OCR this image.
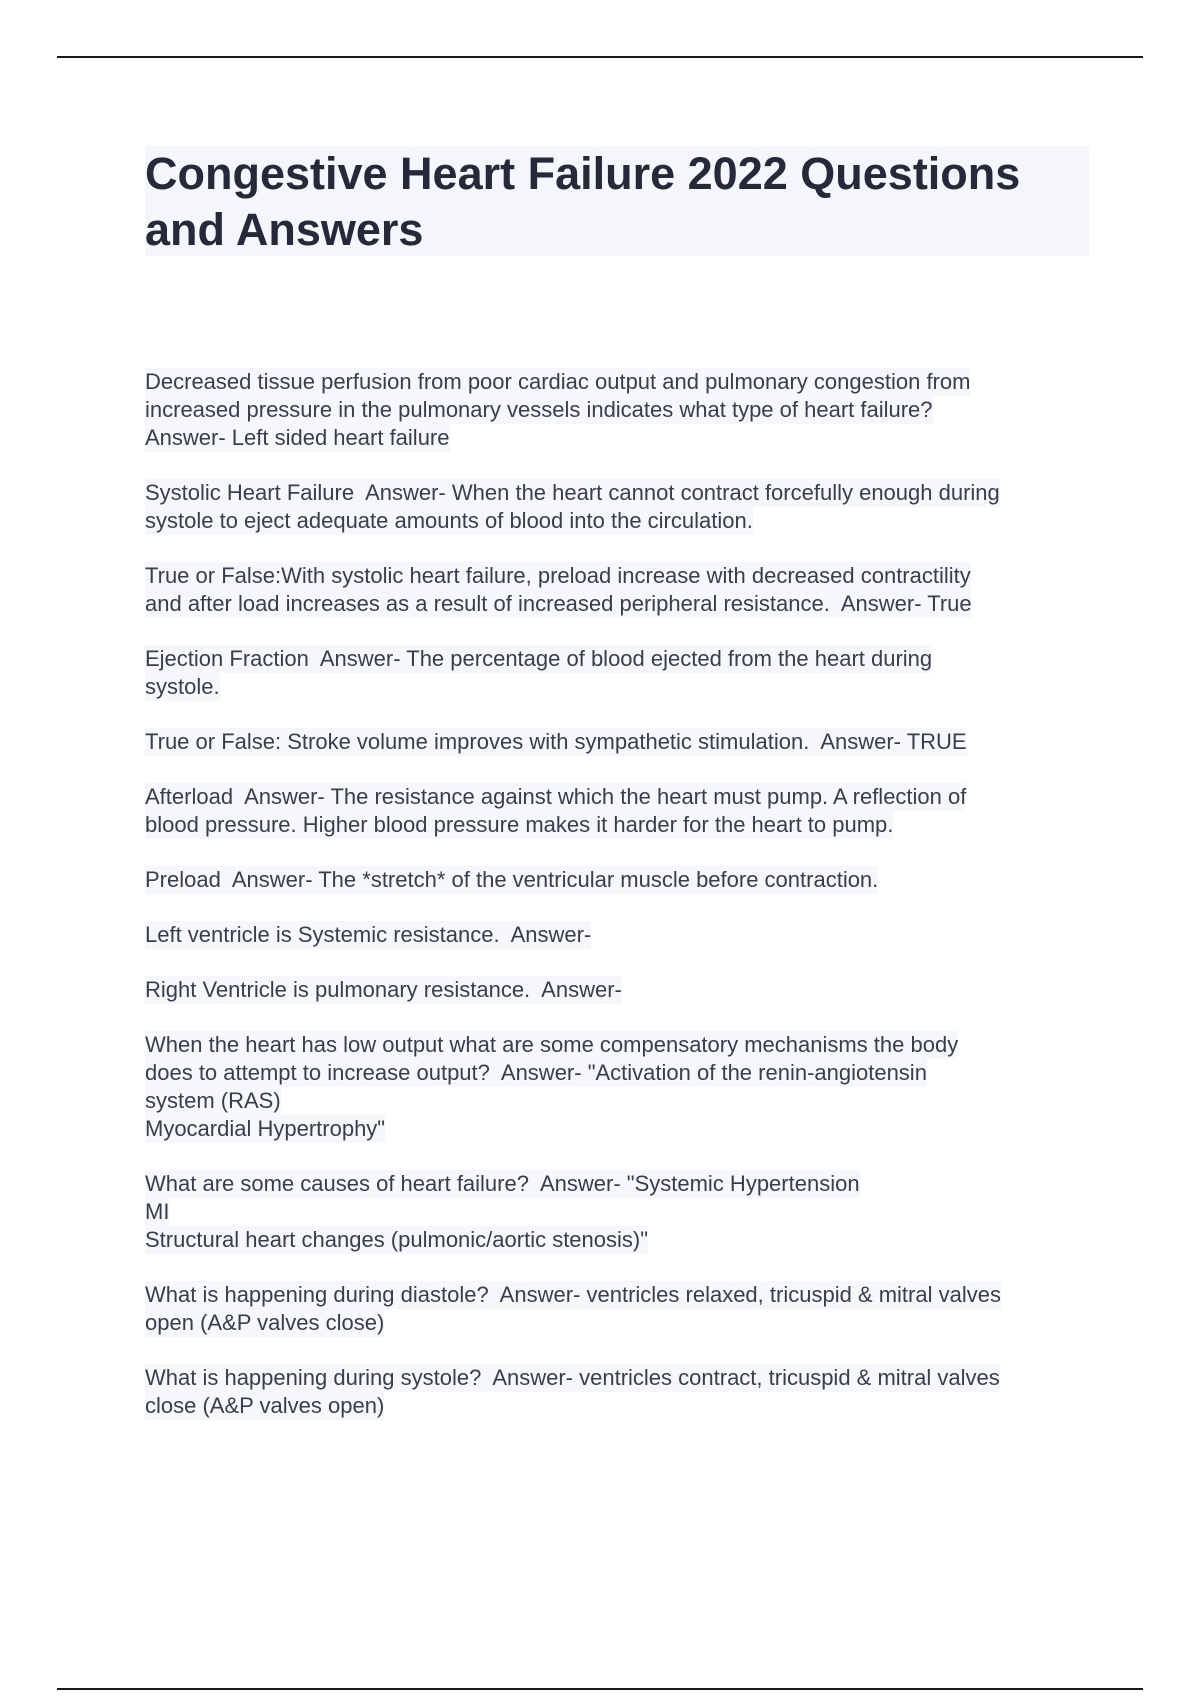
Congestive Heart Failure 2022 Questions and Answers
Decreased tissue perfusion from poor cardiac output and pulmonary congestion from
increased pressure in the pulmonary vessels indicates what type of heart failure?
Answer- Left sided heart failure
Systolic Heart Failure  Answer- When the heart cannot contract forcefully enough during
systole to eject adequate amounts of blood into the circulation.
True or False:With systolic heart failure, preload increase with decreased contractility
and after load increases as a result of increased peripheral resistance.  Answer- True
Ejection Fraction  Answer- The percentage of blood ejected from the heart during
systole.
True or False: Stroke volume improves with sympathetic stimulation.  Answer- TRUE
Afterload  Answer- The resistance against which the heart must pump. A reflection of
blood pressure. Higher blood pressure makes it harder for the heart to pump.
Preload  Answer- The *stretch* of the ventricular muscle before contraction.
Left ventricle is Systemic resistance.  Answer-
Right Ventricle is pulmonary resistance.  Answer-
When the heart has low output what are some compensatory mechanisms the body
does to attempt to increase output?  Answer- "Activation of the renin-angiotensin
system (RAS)
Myocardial Hypertrophy"
What are some causes of heart failure?  Answer- "Systemic Hypertension
MI
Structural heart changes (pulmonic/aortic stenosis)"
What is happening during diastole?  Answer- ventricles relaxed, tricuspid & mitral valves
open (A&P valves close)
What is happening during systole?  Answer- ventricles contract, tricuspid & mitral valves
close (A&P valves open)
